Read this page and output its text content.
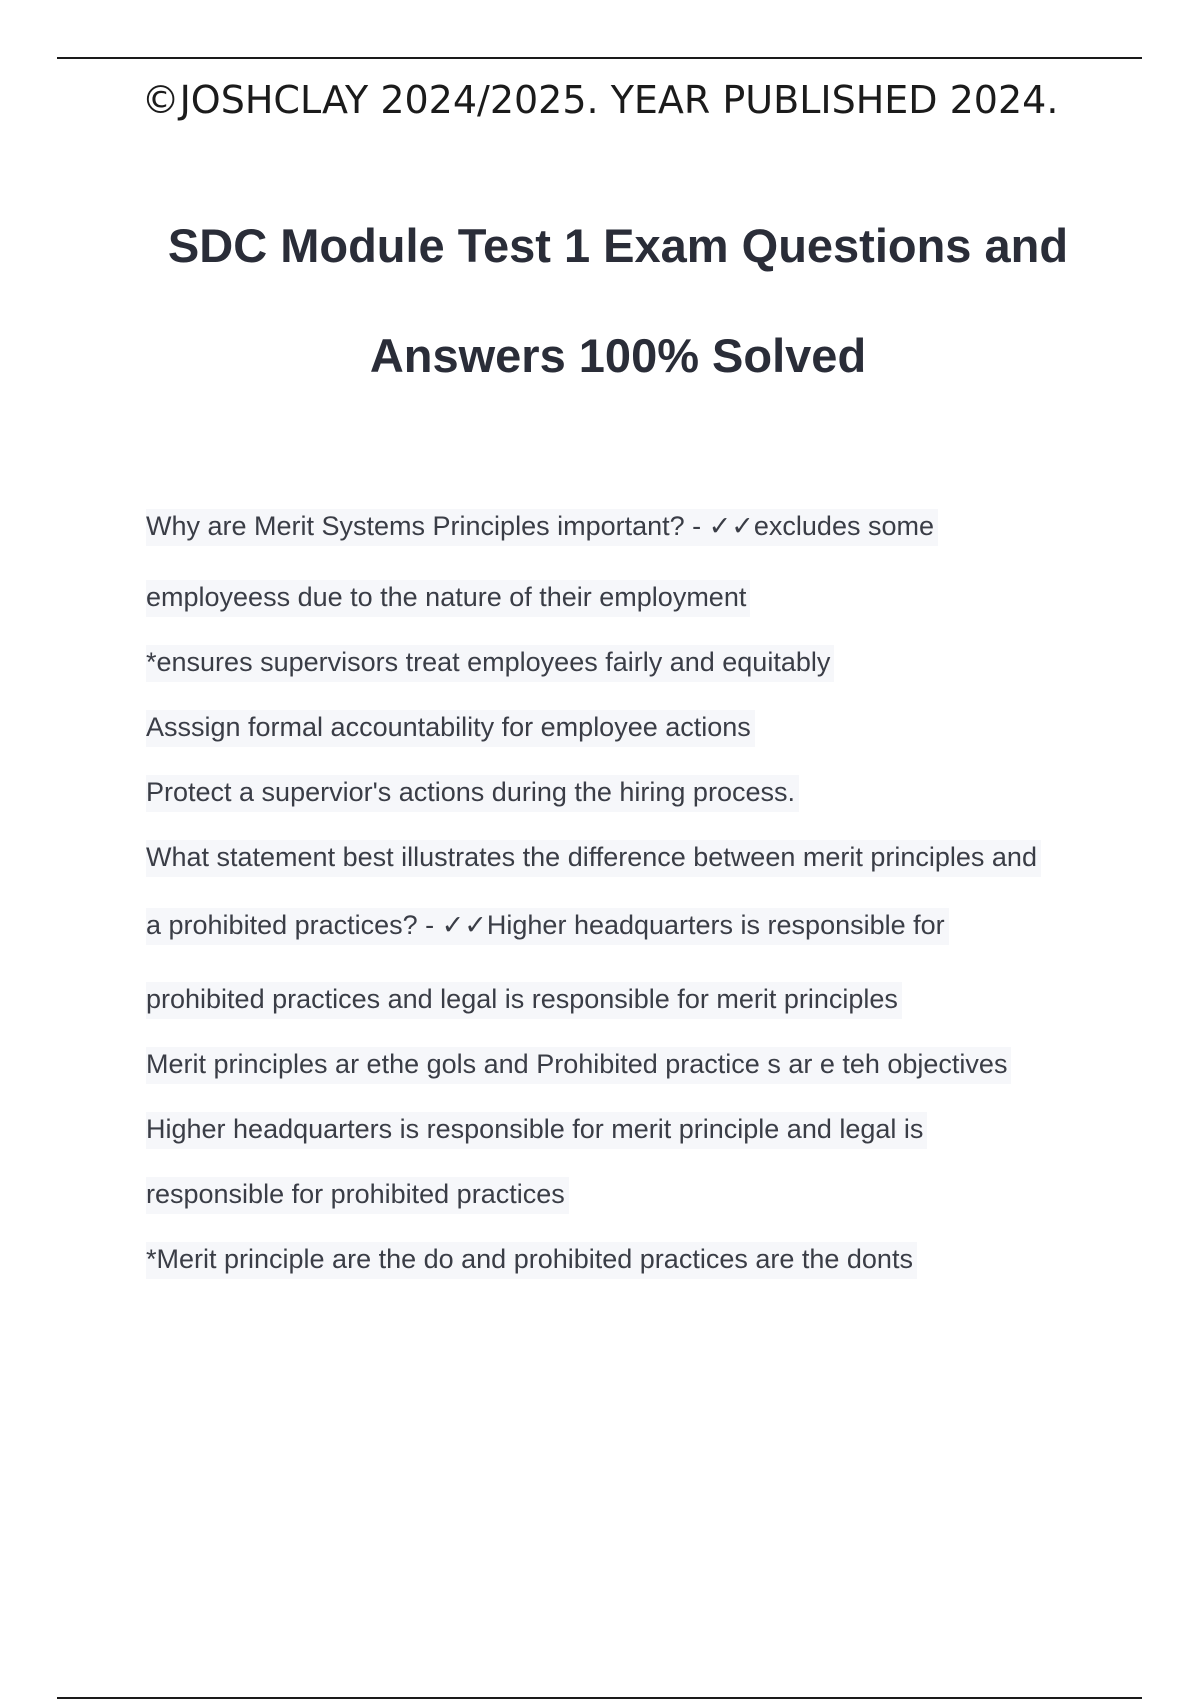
©JOSHCLAY 2024/2025. YEAR PUBLISHED 2024.
SDC Module Test 1 Exam Questions and
Answers 100% Solved
Why are Merit Systems Principles important? - ✓✓excludes some
employeess due to the nature of their employment
*ensures supervisors treat employees fairly and equitably
Asssign formal accountability for employee actions
Protect a supervior's actions during the hiring process.
What statement best illustrates the difference between merit principles and
a prohibited practices? - ✓✓Higher headquarters is responsible for
prohibited practices and legal is responsible for merit principles
Merit principles ar ethe gols and Prohibited practice s ar e teh objectives
Higher headquarters is responsible for merit principle and legal is
responsible for prohibited practices
*Merit principle are the do and prohibited practices are the donts
